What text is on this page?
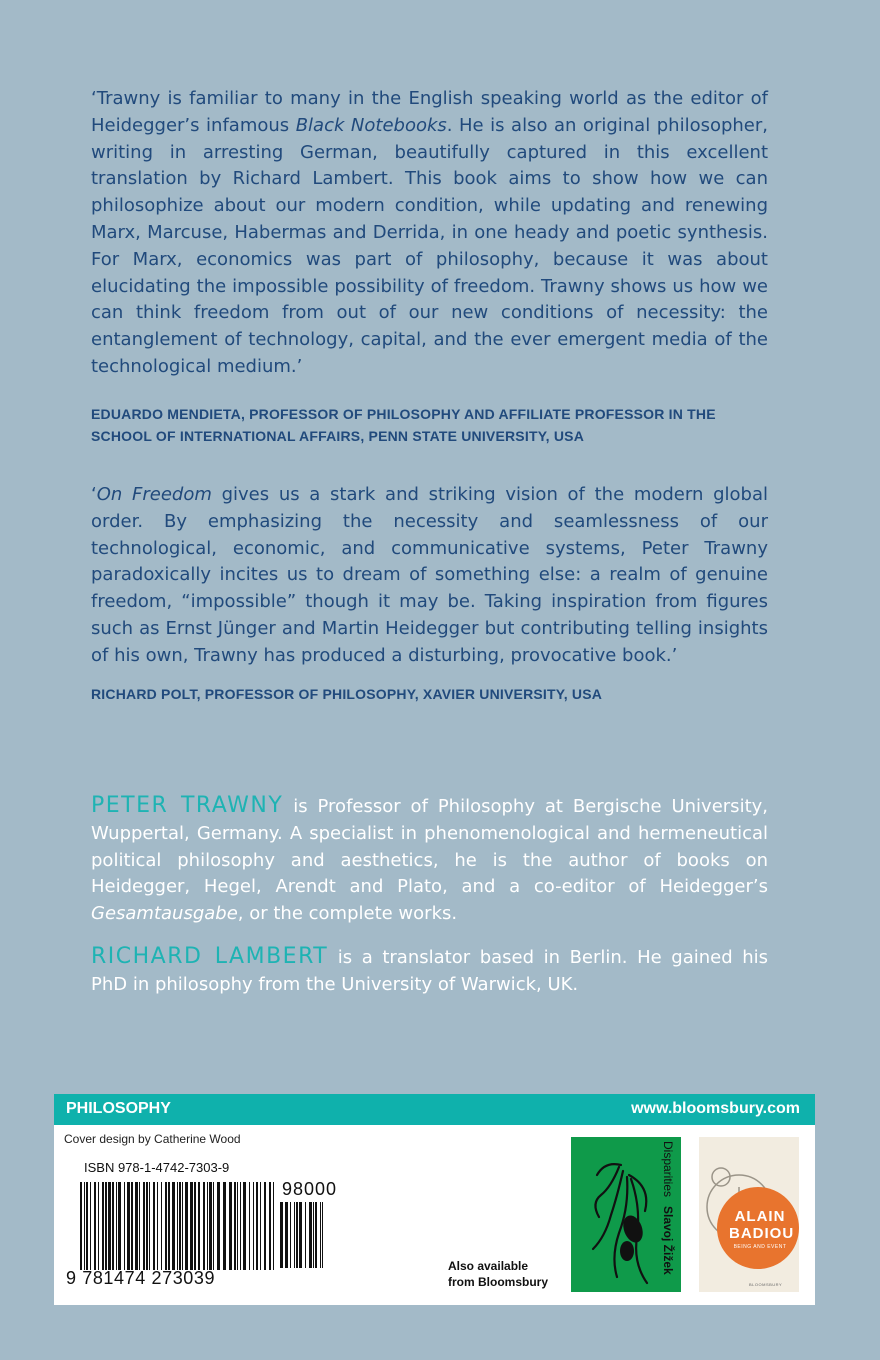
‘Trawny is familiar to many in the English speaking world as the editor of Heidegger’s infamous Black Notebooks. He is also an original philosopher, writing in arresting German, beautifully captured in this excellent translation by Richard Lambert. This book aims to show how we can philosophize about our modern condition, while updating and renewing Marx, Marcuse, Habermas and Derrida, in one heady and poetic synthesis. For Marx, economics was part of philosophy, because it was about elucidating the impossible possibility of freedom. Trawny shows us how we can think freedom from out of our new conditions of necessity: the entanglement of technology, capital, and the ever emergent media of the technological medium.’

EDUARDO MENDIETA, PROFESSOR OF PHILOSOPHY AND AFFILIATE PROFESSOR IN THE
SCHOOL OF INTERNATIONAL AFFAIRS, PENN STATE UNIVERSITY, USA

‘On Freedom gives us a stark and striking vision of the modern global order. By emphasizing the necessity and seamlessness of our technological, economic, and communicative systems, Peter Trawny paradoxically incites us to dream of something else: a realm of genuine freedom, “impossible” though it may be. Taking inspiration from figures such as Ernst Jünger and Martin Heidegger but contributing telling insights of his own, Trawny has produced a disturbing, provocative book.’

RICHARD POLT, PROFESSOR OF PHILOSOPHY, XAVIER UNIVERSITY, USA

PETER TRAWNY is Professor of Philosophy at Bergische University, Wuppertal, Germany. A specialist in phenomenological and hermeneutical political philosophy and aesthetics, he is the author of books on Heidegger, Hegel, Arendt and Plato, and a co-editor of Heidegger’s Gesamtausgabe, or the complete works.

RICHARD LAMBERT is a translator based in Berlin. He gained his PhD in philosophy from the University of Warwick, UK.

PHILOSOPHY	www.bloomsbury.com
Cover design by Catherine Wood
ISBN 978-1-4742-7303-9
98000
9 781474 273039
Also available
from Bloomsbury
Disparities Slavoj Žižek	ALAIN
BADIOU
BEING AND EVENT
BLOOMSBURY
